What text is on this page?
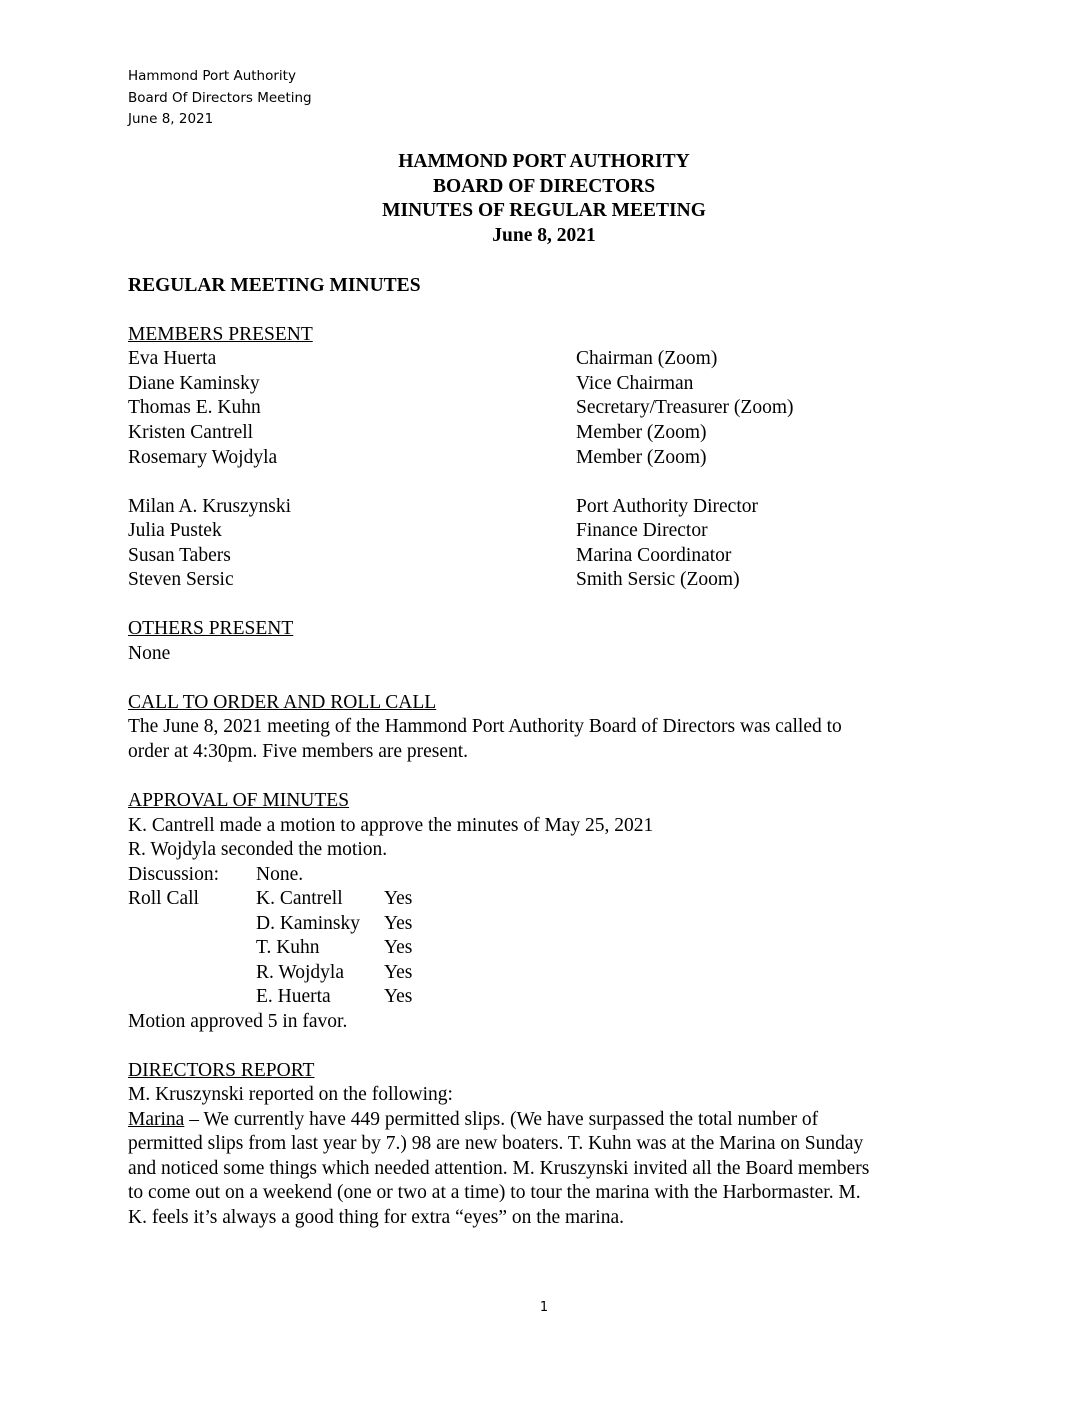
Hammond Port Authority
Board Of Directors Meeting
June 8, 2021
HAMMOND PORT AUTHORITY
BOARD OF DIRECTORS
MINUTES OF REGULAR MEETING
June 8, 2021
REGULAR MEETING MINUTES
MEMBERS PRESENT
Eva Huerta	Chairman (Zoom)
Diane Kaminsky	Vice Chairman
Thomas E. Kuhn	Secretary/Treasurer (Zoom)
Kristen Cantrell	Member (Zoom)
Rosemary Wojdyla	Member (Zoom)
Milan A. Kruszynski	Port Authority Director
Julia Pustek	Finance Director
Susan Tabers	Marina Coordinator
Steven Sersic	Smith Sersic (Zoom)
OTHERS PRESENT
None
CALL TO ORDER AND ROLL CALL
The June 8, 2021 meeting of the Hammond Port Authority Board of Directors was called to
order at 4:30pm. Five members are present.
APPROVAL OF MINUTES
K. Cantrell made a motion to approve the minutes of May 25, 2021
R. Wojdyla seconded the motion.
Discussion: None.
Roll Call	K. Cantrell Yes
D. Kaminsky Yes
T. Kuhn	Yes
R. Wojdyla Yes
E. Huerta	Yes
Motion approved 5 in favor.
DIRECTORS REPORT
M. Kruszynski reported on the following:
Marina – We currently have 449 permitted slips. (We have surpassed the total number of
permitted slips from last year by 7.) 98 are new boaters. T. Kuhn was at the Marina on Sunday
and noticed some things which needed attention. M. Kruszynski invited all the Board members
to come out on a weekend (one or two at a time) to tour the marina with the Harbormaster. M.
K. feels it’s always a good thing for extra “eyes” on the marina.
1
